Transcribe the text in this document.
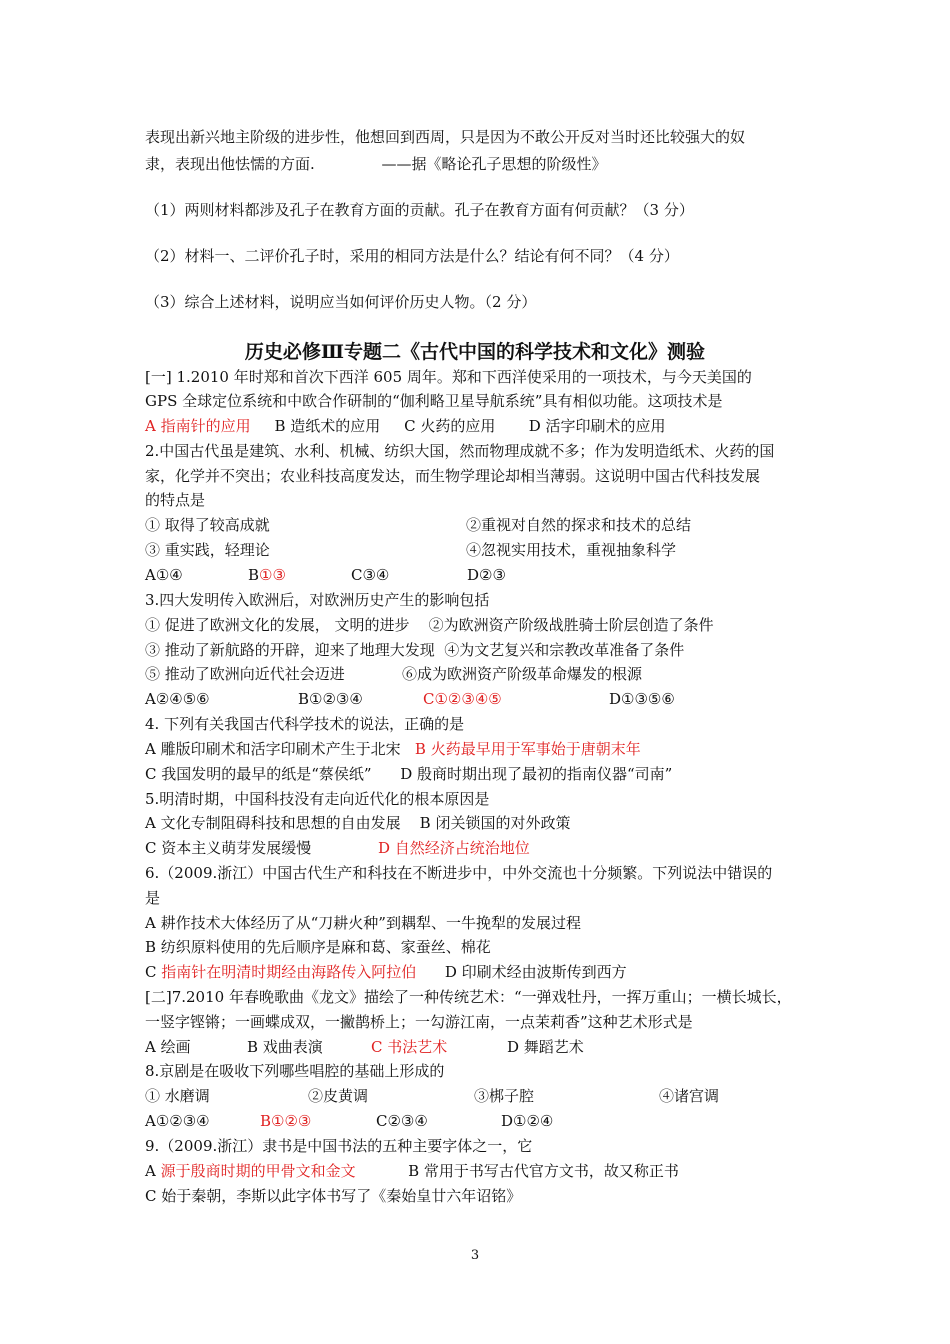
表现出新兴地主阶级的进步性，他想回到西周，只是因为不敢公开反对当时还比较强大的奴
隶，表现出他怯懦的方面.              ——据《略论孔子思想的阶级性》
（1）两则材料都涉及孔子在教育方面的贡献。孔子在教育方面有何贡献？（3 分）
（2）材料一、二评价孔子时，采用的相同方法是什么？结论有何不同？（4 分）
（3）综合上述材料，说明应当如何评价历史人物。（2 分）
历史必修Ⅲ专题二《古代中国的科学技术和文化》测验
[一] 1.2010 年时郑和首次下西洋 605 周年。郑和下西洋使采用的一项技术，与今天美国的
GPS 全球定位系统和中欧合作研制的“伽利略卫星导航系统”具有相似功能。这项技术是
A 指南针的应用     B 造纸术的应用     C 火药的应用       D 活字印刷术的应用
2.中国古代虽是建筑、水利、机械、纺织大国，然而物理成就不多；作为发明造纸术、火药的国
家，化学并不突出；农业科技高度发达，而生物学理论却相当薄弱。这说明中国古代科技发展
的特点是
① 取得了较高成就	②重视对自然的探求和技术的总结
③ 重实践，轻理论	④忽视实用技术，重视抽象科学
A①④	B①③	C③④	D②③
3.四大发明传入欧洲后，对欧洲历史产生的影响包括
① 促进了欧洲文化的发展， 文明的进步    ②为欧洲资产阶级战胜骑士阶层创造了条件
③ 推动了新航路的开辟，迎来了地理大发现  ④为文艺复兴和宗教改革准备了条件
⑤ 推动了欧洲向近代社会迈进            ⑥成为欧洲资产阶级革命爆发的根源
A②④⑤⑥	B①②③④	C①②③④⑤	D①③⑤⑥
4. 下列有关我国古代科学技术的说法，正确的是
A 雕版印刷术和活字印刷术产生于北宋   B 火药最早用于军事始于唐朝末年
C 我国发明的最早的纸是“蔡侯纸”      D 殷商时期出现了最初的指南仪器“司南”
5.明清时期，中国科技没有走向近代化的根本原因是
A 文化专制阻碍科技和思想的自由发展    B 闭关锁国的对外政策
C 资本主义萌芽发展缓慢              D 自然经济占统治地位
6.（2009.浙江）中国古代生产和科技在不断进步中，中外交流也十分频繁。下列说法中错误的
是
A 耕作技术大体经历了从“刀耕火种”到耦犁、一牛挽犁的发展过程
B 纺织原料使用的先后顺序是麻和葛、家蚕丝、棉花
C 指南针在明清时期经由海路传入阿拉伯      D 印刷术经由波斯传到西方
[二]7.2010 年春晚歌曲《龙文》描绘了一种传统艺术：“一弹戏牡丹，一挥万重山；一横长城长，
一竖字铿锵；一画蝶成双，一撇鹊桥上；一勾游江南，一点茉莉香”这种艺术形式是
A 绘画	B 戏曲表演	C 书法艺术	D 舞蹈艺术
8.京剧是在吸收下列哪些唱腔的基础上形成的
① 水磨调	②皮黄调	③梆子腔	④诸宫调
A①②③④	B①②③	C②③④	D①②④
9.（2009.浙江）隶书是中国书法的五种主要字体之一，它
A 源于殷商时期的甲骨文和金文           B 常用于书写古代官方文书，故又称正书
C 始于秦朝，李斯以此字体书写了《秦始皇廿六年诏铭》
3
